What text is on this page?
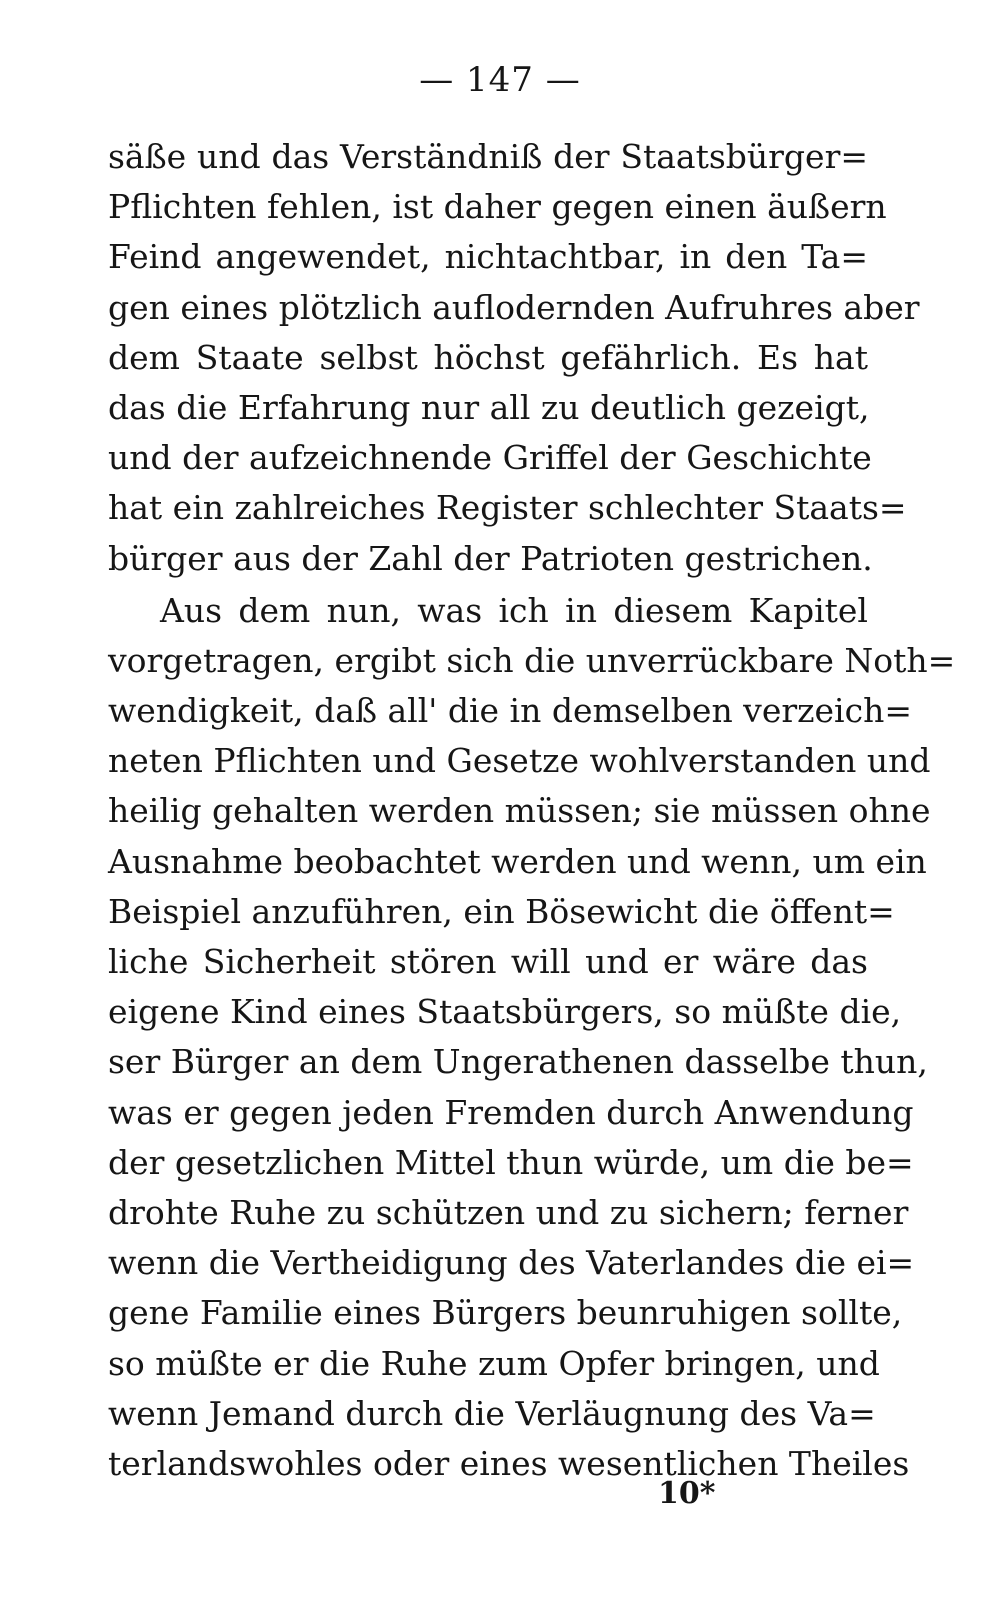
— 147 —
säße und das Verständniß der Staatsbürger=
Pflichten fehlen, ist daher gegen einen äußern
Feind angewendet, nichtachtbar, in den Ta=
gen eines plötzlich auflodernden Aufruhres aber
dem Staate selbst höchst gefährlich. Es hat
das die Erfahrung nur all zu deutlich gezeigt,
und der aufzeichnende Griffel der Geschichte
hat ein zahlreiches Register schlechter Staats=
bürger aus der Zahl der Patrioten gestrichen.
Aus dem nun, was ich in diesem Kapitel
vorgetragen, ergibt sich die unverrückbare Noth=
wendigkeit, daß all' die in demselben verzeich=
neten Pflichten und Gesetze wohlverstanden und
heilig gehalten werden müssen; sie müssen ohne
Ausnahme beobachtet werden und wenn, um ein
Beispiel anzuführen, ein Bösewicht die öffent=
liche Sicherheit stören will und er wäre das
eigene Kind eines Staatsbürgers, so müßte die,
ser Bürger an dem Ungerathenen dasselbe thun,
was er gegen jeden Fremden durch Anwendung
der gesetzlichen Mittel thun würde, um die be=
drohte Ruhe zu schützen und zu sichern; ferner
wenn die Vertheidigung des Vaterlandes die ei=
gene Familie eines Bürgers beunruhigen sollte,
so müßte er die Ruhe zum Opfer bringen, und
wenn Jemand durch die Verläugnung des Va=
terlandswohles oder eines wesentlichen Theiles
10*
